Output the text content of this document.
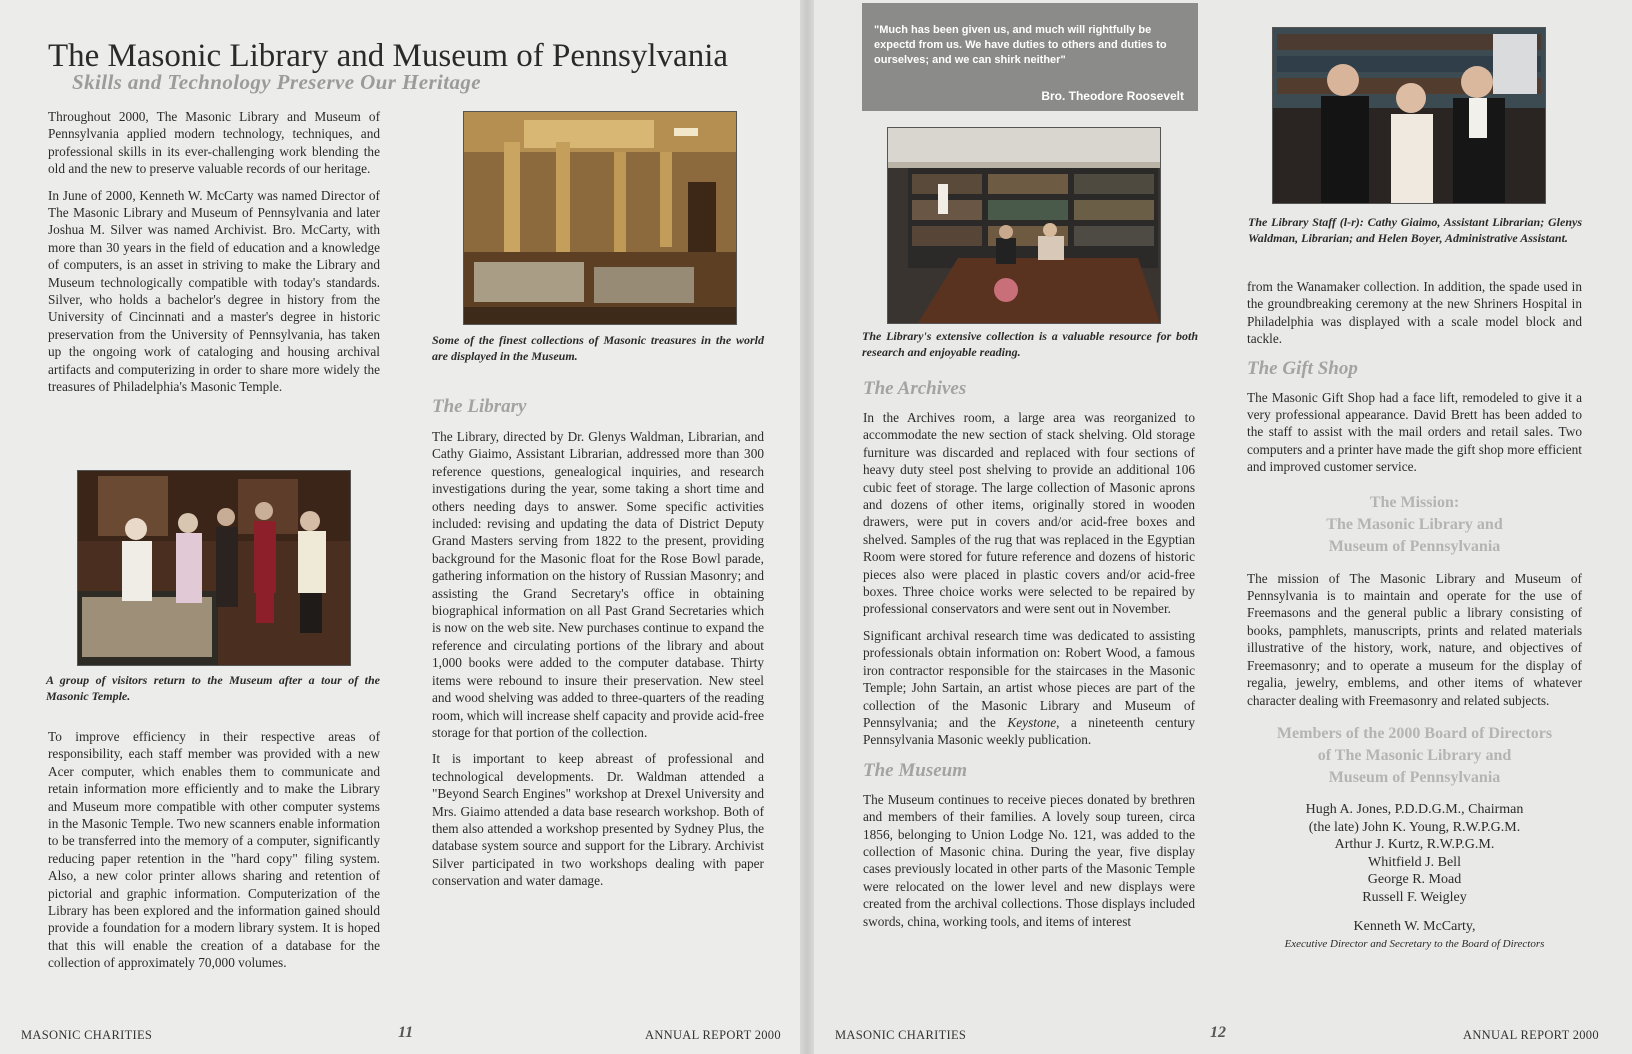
The Masonic Library and Museum of Pennsylvania
Skills and Technology Preserve Our Heritage

Throughout 2000, The Masonic Library and Museum of Pennsylvania applied modern technology, techniques, and professional skills in its ever-challenging work blending the old and the new to preserve valuable records of our heritage.

In June of 2000, Kenneth W. McCarty was named Director of The Masonic Library and Museum of Pennsylvania and later Joshua M. Silver was named Archivist. Bro. McCarty, with more than 30 years in the field of education and a knowledge of computers, is an asset in striving to make the Library and Museum technologically compatible with today's standards. Silver, who holds a bachelor's degree in history from the University of Cincinnati and a master's degree in historic preservation from the University of Pennsylvania, has taken up the ongoing work of cataloging and housing archival artifacts and computerizing in order to share more widely the treasures of Philadelphia's Masonic Temple.

A group of visitors return to the Museum after a tour of the Masonic Temple.

To improve efficiency in their respective areas of responsibility, each staff member was provided with a new Acer computer, which enables them to communicate and retain information more efficiently and to make the Library and Museum more compatible with other computer systems in the Masonic Temple. Two new scanners enable information to be transferred into the memory of a computer, significantly reducing paper retention in the "hard copy" filing system. Also, a new color printer allows sharing and retention of pictorial and graphic information. Computerization of the Library has been explored and the information gained should provide a foundation for a modern library system. It is hoped that this will enable the creation of a database for the collection of approximately 70,000 volumes.

Some of the finest collections of Masonic treasures in the world are displayed in the Museum.

The Library

The Library, directed by Dr. Glenys Waldman, Librarian, and Cathy Giaimo, Assistant Librarian, addressed more than 300 reference questions, genealogical inquiries, and research investigations during the year, some taking a short time and others needing days to answer. Some specific activities included: revising and updating the data of District Deputy Grand Masters serving from 1822 to the present, providing background for the Masonic float for the Rose Bowl parade, gathering information on the history of Russian Masonry; and assisting the Grand Secretary's office in obtaining biographical information on all Past Grand Secretaries which is now on the web site. New purchases continue to expand the reference and circulating portions of the library and about 1,000 books were added to the computer database. Thirty items were rebound to insure their preservation. New steel and wood shelving was added to three-quarters of the reading room, which will increase shelf capacity and provide acid-free storage for that portion of the collection.

It is important to keep abreast of professional and technological developments. Dr. Waldman attended a "Beyond Search Engines" workshop at Drexel University and Mrs. Giaimo attended a data base research workshop. Both of them also attended a workshop presented by Sydney Plus, the database system source and support for the Library. Archivist Silver participated in two workshops dealing with paper conservation and water damage.

MASONIC CHARITIES	11	ANNUAL REPORT 2000
"Much has been given us, and much will rightfully be expectd from us. We have duties to others and duties to ourselves; and we can shirk neither"
Bro. Theodore Roosevelt

The Library's extensive collection is a valuable resource for both research and enjoyable reading.

The Archives

In the Archives room, a large area was reorganized to accommodate the new section of stack shelving. Old storage furniture was discarded and replaced with four sections of heavy duty steel post shelving to provide an additional 106 cubic feet of storage. The large collection of Masonic aprons and dozens of other items, originally stored in wooden drawers, were put in covers and/or acid-free boxes and shelved. Samples of the rug that was replaced in the Egyptian Room were stored for future reference and dozens of historic pieces also were placed in plastic covers and/or acid-free boxes. Three choice works were selected to be repaired by professional conservators and were sent out in November.

Significant archival research time was dedicated to assisting professionals obtain information on: Robert Wood, a famous iron contractor responsible for the staircases in the Masonic Temple; John Sartain, an artist whose pieces are part of the collection of the Masonic Library and Museum of Pennsylvania; and the Keystone, a nineteenth century Pennsylvania Masonic weekly publication.

The Museum

The Museum continues to receive pieces donated by brethren and members of their families. A lovely soup tureen, circa 1856, belonging to Union Lodge No. 121, was added to the collection of Masonic china. During the year, five display cases previously located in other parts of the Masonic Temple were relocated on the lower level and new displays were created from the archival collections. Those displays included swords, china, working tools, and items of interest

The Library Staff (l-r): Cathy Giaimo, Assistant Librarian; Glenys Waldman, Librarian; and Helen Boyer, Administrative Assistant.

from the Wanamaker collection. In addition, the spade used in the groundbreaking ceremony at the new Shriners Hospital in Philadelphia was displayed with a scale model block and tackle.

The Gift Shop

The Masonic Gift Shop had a face lift, remodeled to give it a very professional appearance. David Brett has been added to the staff to assist with the mail orders and retail sales. Two computers and a printer have made the gift shop more efficient and improved customer service.

The Mission:

The Masonic Library and

Museum of Pennsylvania

The mission of The Masonic Library and Museum of Pennsylvania is to maintain and operate for the use of Freemasons and the general public a library consisting of books, pamphlets, manuscripts, prints and related materials illustrative of the history, work, nature, and objectives of Freemasonry; and to operate a museum for the display of regalia, jewelry, emblems, and other items of whatever character dealing with Freemasonry and related subjects.

Members of the 2000 Board of Directors

of The Masonic Library and

Museum of Pennsylvania

Hugh A. Jones, P.D.D.G.M., Chairman
(the late) John K. Young, R.W.P.G.M.
Arthur J. Kurtz, R.W.P.G.M.
Whitfield J. Bell
George R. Moad
Russell F. Weigley
Kenneth W. McCarty,
Executive Director and Secretary to the Board of Directors
MASONIC CHARITIES	12	ANNUAL REPORT 2000
